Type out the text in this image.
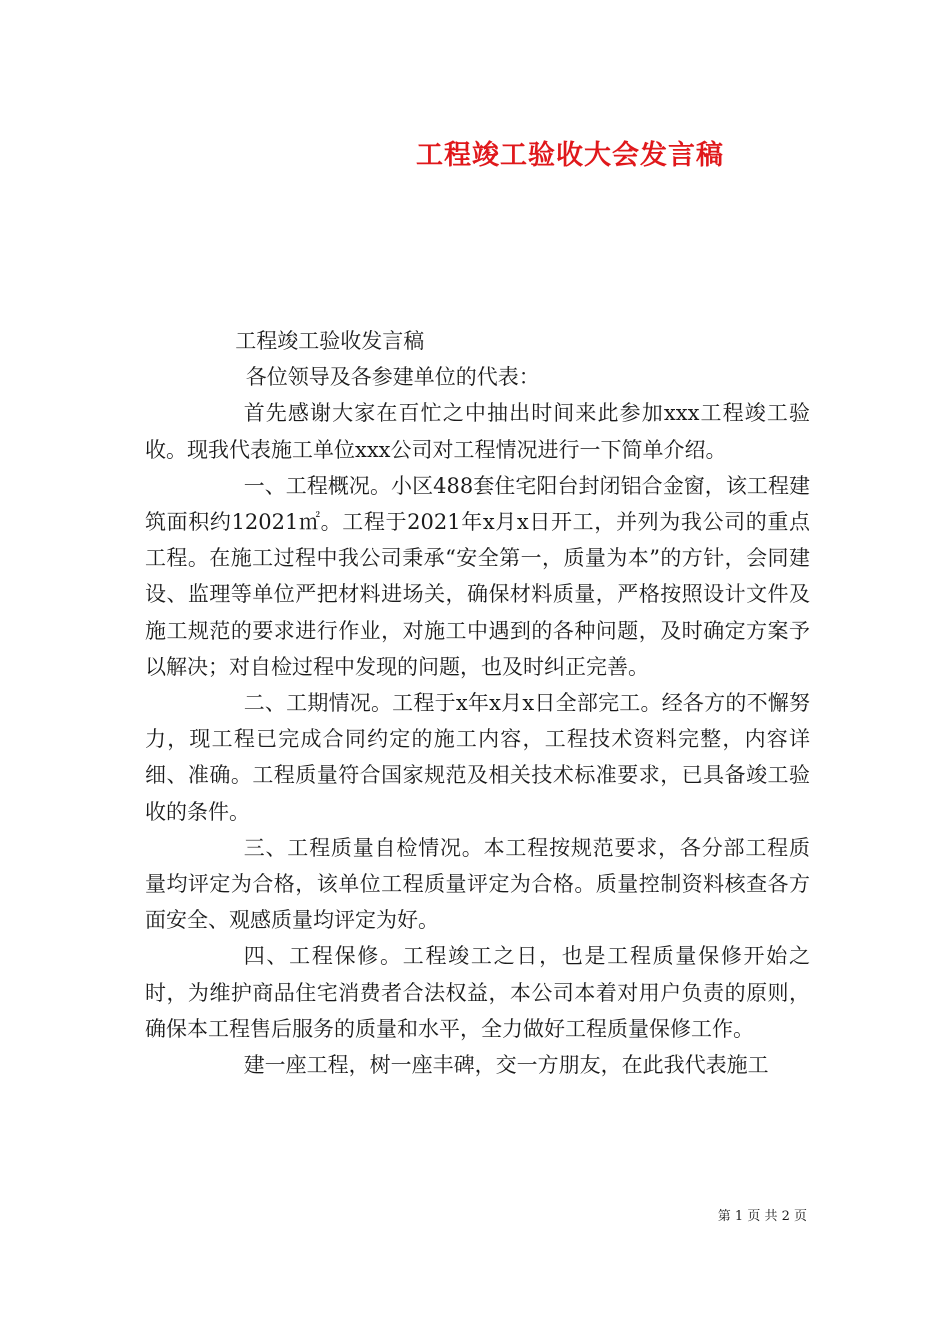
工程竣工验收大会发言稿

工程竣工验收发言稿

各位领导及各参建单位的代表：

首先感谢大家在百忙之中抽出时间来此参加xxx工程竣工验收。现我代表施工单位xxx公司对工程情况进行一下简单介绍。

一、工程概况。小区488套住宅阳台封闭铝合金窗，该工程建筑面积约12021㎡。工程于2021年x月x日开工，并列为我公司的重点工程。在施工过程中我公司秉承“安全第一，质量为本”的方针，会同建设、监理等单位严把材料进场关，确保材料质量，严格按照设计文件及施工规范的要求进行作业，对施工中遇到的各种问题，及时确定方案予以解决；对自检过程中发现的问题，也及时纠正完善。

二、工期情况。工程于x年x月x日全部完工。经各方的不懈努力，现工程已完成合同约定的施工内容，工程技术资料完整，内容详细、准确。工程质量符合国家规范及相关技术标准要求，已具备竣工验收的条件。

三、工程质量自检情况。本工程按规范要求，各分部工程质量均评定为合格，该单位工程质量评定为合格。质量控制资料核查各方面安全、观感质量均评定为好。

四、工程保修。工程竣工之日，也是工程质量保修开始之时，为维护商品住宅消费者合法权益，本公司本着对用户负责的原则，确保本工程售后服务的质量和水平，全力做好工程质量保修工作。

建一座工程，树一座丰碑，交一方朋友，在此我代表施工

第 1 页 共 2 页
